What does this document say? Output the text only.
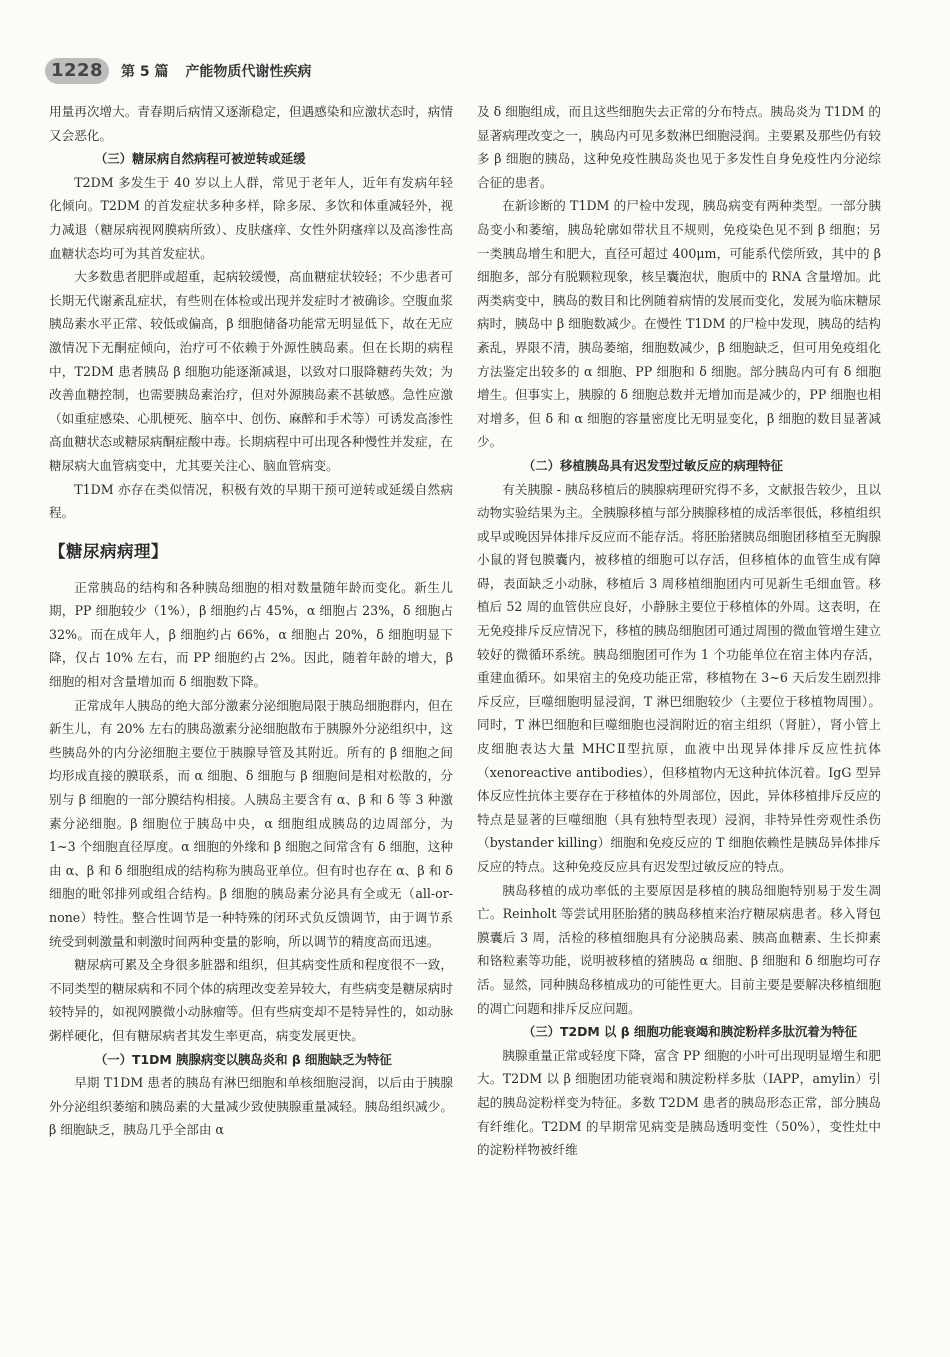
1228	第 5 篇 产能物质代谢性疾病

用量再次增大。青春期后病情又逐渐稳定，但遇感染和应激状态时，病情又会恶化。

（三）糖尿病自然病程可被逆转或延缓

T2DM 多发生于 40 岁以上人群，常见于老年人，近年有发病年轻化倾向。T2DM 的首发症状多种多样，除多尿、多饮和体重减轻外，视力减退（糖尿病视网膜病所致）、皮肤瘙痒、女性外阴瘙痒以及高渗性高血糖状态均可为其首发症状。

大多数患者肥胖或超重，起病较缓慢，高血糖症状较轻；不少患者可长期无代谢紊乱症状，有些则在体检或出现并发症时才被确诊。空腹血浆胰岛素水平正常、较低或偏高，β 细胞储备功能常无明显低下，故在无应激情况下无酮症倾向，治疗可不依赖于外源性胰岛素。但在长期的病程中，T2DM 患者胰岛 β 细胞功能逐渐减退，以致对口服降糖药失效；为改善血糖控制，也需要胰岛素治疗，但对外源胰岛素不甚敏感。急性应激（如重症感染、心肌梗死、脑卒中、创伤、麻醉和手术等）可诱发高渗性高血糖状态或糖尿病酮症酸中毒。长期病程中可出现各种慢性并发症，在糖尿病大血管病变中，尤其要关注心、脑血管病变。

T1DM 亦存在类似情况，积极有效的早期干预可逆转或延缓自然病程。

【糖尿病病理】

正常胰岛的结构和各种胰岛细胞的相对数量随年龄而变化。新生儿期，PP 细胞较少（1%），β 细胞约占 45%，α 细胞占 23%，δ 细胞占 32%。而在成年人，β 细胞约占 66%，α 细胞占 20%，δ 细胞明显下降，仅占 10% 左右，而 PP 细胞约占 2%。因此，随着年龄的增大，β 细胞的相对含量增加而 δ 细胞数下降。

正常成年人胰岛的绝大部分激素分泌细胞局限于胰岛细胞群内，但在新生儿，有 20% 左右的胰岛激素分泌细胞散布于胰腺外分泌组织中，这些胰岛外的内分泌细胞主要位于胰腺导管及其附近。所有的 β 细胞之间均形成直接的膜联系，而 α 细胞、δ 细胞与 β 细胞间是相对松散的，分别与 β 细胞的一部分膜结构相接。人胰岛主要含有 α、β 和 δ 等 3 种激素分泌细胞。β 细胞位于胰岛中央，α 细胞组成胰岛的边周部分，为 1~3 个细胞直径厚度。α 细胞的外缘和 β 细胞之间常含有 δ 细胞，这种由 α、β 和 δ 细胞组成的结构称为胰岛亚单位。但有时也存在 α、β 和 δ 细胞的毗邻排列或组合结构。β 细胞的胰岛素分泌具有全或无（all-or-none）特性。整合性调节是一种特殊的闭环式负反馈调节，由于调节系统受到刺激量和刺激时间两种变量的影响，所以调节的精度高而迅速。

糖尿病可累及全身很多脏器和组织，但其病变性质和程度很不一致，不同类型的糖尿病和不同个体的病理改变差异较大，有些病变是糖尿病时较特异的，如视网膜微小动脉瘤等。但有些病变却不是特异性的，如动脉粥样硬化，但有糖尿病者其发生率更高，病变发展更快。

（一）T1DM 胰腺病变以胰岛炎和 β 细胞缺乏为特征

早期 T1DM 患者的胰岛有淋巴细胞和单核细胞浸润，以后由于胰腺外分泌组织萎缩和胰岛素的大量减少致使胰腺重量减轻。胰岛组织减少。β 细胞缺乏，胰岛几乎全部由 α

及 δ 细胞组成，而且这些细胞失去正常的分布特点。胰岛炎为 T1DM 的显著病理改变之一，胰岛内可见多数淋巴细胞浸润。主要累及那些仍有较多 β 细胞的胰岛，这种免疫性胰岛炎也见于多发性自身免疫性内分泌综合征的患者。

在新诊断的 T1DM 的尸检中发现，胰岛病变有两种类型。一部分胰岛变小和萎缩，胰岛轮廓如带状且不规则，免疫染色见不到 β 细胞；另一类胰岛增生和肥大，直径可超过 400μm，可能系代偿所致，其中的 β 细胞多，部分有脱颗粒现象，核呈囊泡状，胞质中的 RNA 含量增加。此两类病变中，胰岛的数目和比例随着病情的发展而变化，发展为临床糖尿病时，胰岛中 β 细胞数减少。在慢性 T1DM 的尸检中发现，胰岛的结构紊乱，界限不清，胰岛萎缩，细胞数减少，β 细胞缺乏，但可用免疫组化方法鉴定出较多的 α 细胞、PP 细胞和 δ 细胞。部分胰岛内可有 δ 细胞增生。但事实上，胰腺的 δ 细胞总数并无增加而是减少的，PP 细胞也相对增多，但 δ 和 α 细胞的容量密度比无明显变化，β 细胞的数目显著减少。

（二）移植胰岛具有迟发型过敏反应的病理特征

有关胰腺 - 胰岛移植后的胰腺病理研究得不多，文献报告较少，且以动物实验结果为主。全胰腺移植与部分胰腺移植的成活率很低，移植组织或早或晚因异体排斥反应而不能存活。将胚胎猪胰岛细胞团移植至无胸腺小鼠的肾包膜囊内，被移植的细胞可以存活，但移植体的血管生成有障碍，表面缺乏小动脉，移植后 3 周移植细胞团内可见新生毛细血管。移植后 52 周的血管供应良好，小静脉主要位于移植体的外周。这表明，在无免疫排斥反应情况下，移植的胰岛细胞团可通过周围的微血管增生建立较好的微循环系统。胰岛细胞团可作为 1 个功能单位在宿主体内存活，重建血循环。如果宿主的免疫功能正常，移植物在 3~6 天后发生剧烈排斥反应，巨噬细胞明显浸润，T 淋巴细胞较少（主要位于移植物周围）。同时，T 淋巴细胞和巨噬细胞也浸润附近的宿主组织（肾脏），肾小管上皮细胞表达大量 MHCⅡ型抗原，血液中出现异体排斥反应性抗体（xenoreactive antibodies），但移植物内无这种抗体沉着。IgG 型异体反应性抗体主要存在于移植体的外周部位，因此，异体移植排斥反应的特点是显著的巨噬细胞（具有独特型表现）浸润，非特异性旁观性杀伤（bystander killing）细胞和免疫反应的 T 细胞依赖性是胰岛异体排斥反应的特点。这种免疫反应具有迟发型过敏反应的特点。

胰岛移植的成功率低的主要原因是移植的胰岛细胞特别易于发生凋亡。Reinholt 等尝试用胚胎猪的胰岛移植来治疗糖尿病患者。移入肾包膜囊后 3 周，活检的移植细胞具有分泌胰岛素、胰高血糖素、生长抑素和铬粒素等功能，说明被移植的猪胰岛 α 细胞、β 细胞和 δ 细胞均可存活。显然，同种胰岛移植成功的可能性更大。目前主要是要解决移植细胞的凋亡问题和排斥反应问题。

（三）T2DM 以 β 细胞功能衰竭和胰淀粉样多肽沉着为特征

胰腺重量正常或轻度下降，富含 PP 细胞的小叶可出现明显增生和肥大。T2DM 以 β 细胞团功能衰竭和胰淀粉样多肽（IAPP，amylin）引起的胰岛淀粉样变为特征。多数 T2DM 患者的胰岛形态正常，部分胰岛有纤维化。T2DM 的早期常见病变是胰岛透明变性（50%），变性灶中的淀粉样物被纤维
